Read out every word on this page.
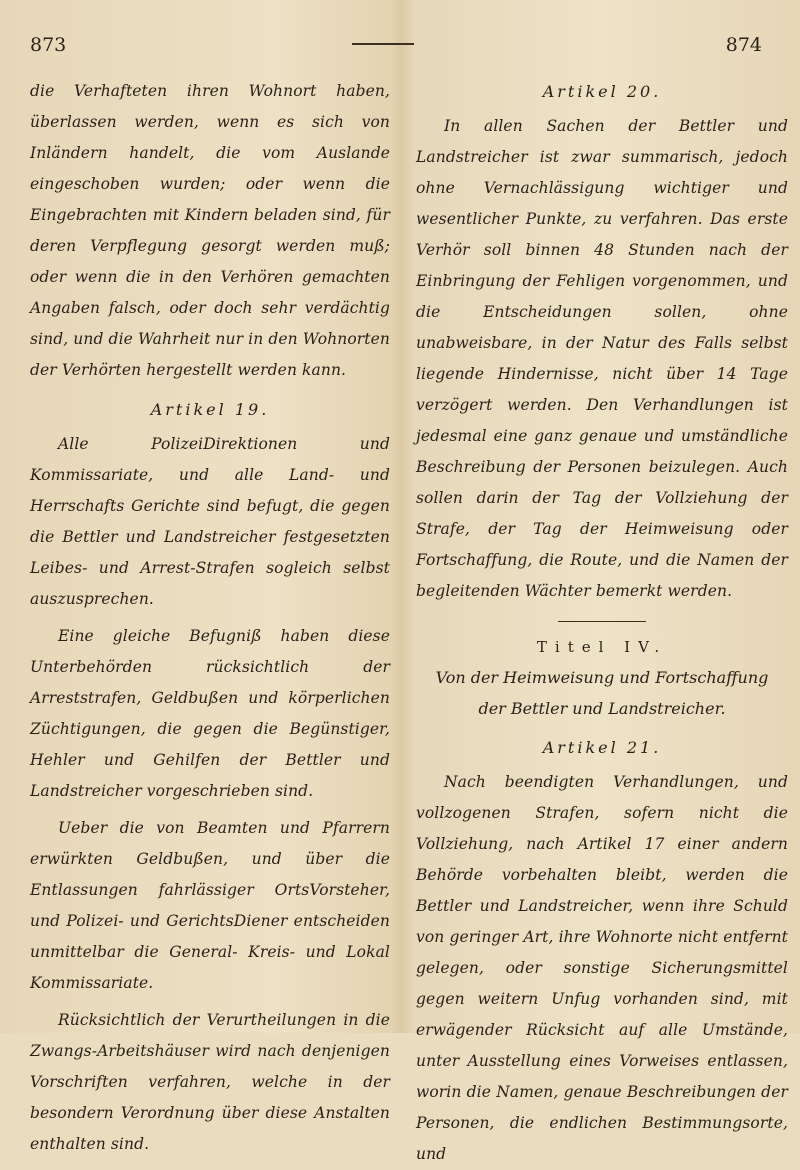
873

die Verhafteten ihren Wohnort haben, überlassen werden, wenn es sich von Inländern handelt, die vom Auslande eingeschoben wurden; oder wenn die Eingebrachten mit Kindern beladen sind, für deren Verpflegung gesorgt werden muß; oder wenn die in den Verhören gemachten Angaben falsch, oder doch sehr verdächtig sind, und die Wahrheit nur in den Wohnorten der Verhörten hergestellt werden kann.

Artikel 19.

Alle PolizeiDirektionen und Kommissariate, und alle Land- und Herrschafts Gerichte sind befugt, die gegen die Bettler und Landstreicher festgesetzten Leibes- und Arrest-Strafen sogleich selbst auszusprechen.

Eine gleiche Befugniß haben diese Unterbehörden rücksichtlich der Arreststrafen, Geldbußen und körperlichen Züchtigungen, die gegen die Begünstiger, Hehler und Gehilfen der Bettler und Landstreicher vorgeschrieben sind.

Ueber die von Beamten und Pfarrern erwürkten Geldbußen, und über die Entlassungen fahrlässiger OrtsVorsteher, und Polizei- und GerichtsDiener entscheiden unmittelbar die General- Kreis- und Lokal Kommissariate.

Rücksichtlich der Verurtheilungen in die Zwangs-Arbeitshäuser wird nach denjenigen Vorschriften verfahren, welche in der besondern Verordnung über diese Anstalten enthalten sind.

874
Artikel 20.

In allen Sachen der Bettler und Landstreicher ist zwar summarisch, jedoch ohne Vernachlässigung wichtiger und wesentlicher Punkte, zu verfahren. Das erste Verhör soll binnen 48 Stunden nach der Einbringung der Fehligen vorgenommen, und die Entscheidungen sollen, ohne unabweisbare, in der Natur des Falls selbst liegende Hindernisse, nicht über 14 Tage verzögert werden. Den Verhandlungen ist jedesmal eine ganz genaue und umständliche Beschreibung der Personen beizulegen. Auch sollen darin der Tag der Vollziehung der Strafe, der Tag der Heimweisung oder Fortschaffung, die Route, und die Namen der begleitenden Wächter bemerkt werden.

Titel IV.
Von der Heimweisung und Fortschaffung
der Bettler und Landstreicher.
Artikel 21.

Nach beendigten Verhandlungen, und vollzogenen Strafen, sofern nicht die Vollziehung, nach Artikel 17 einer andern Behörde vorbehalten bleibt, werden die Bettler und Landstreicher, wenn ihre Schuld von geringer Art, ihre Wohnorte nicht entfernt gelegen, oder sonstige Sicherungsmittel gegen weitern Unfug vorhanden sind, mit erwägender Rücksicht auf alle Umstände, unter Ausstellung eines Vorweises entlassen, worin die Namen, genaue Beschreibungen der Personen, die endlichen Bestimmungsorte, und
